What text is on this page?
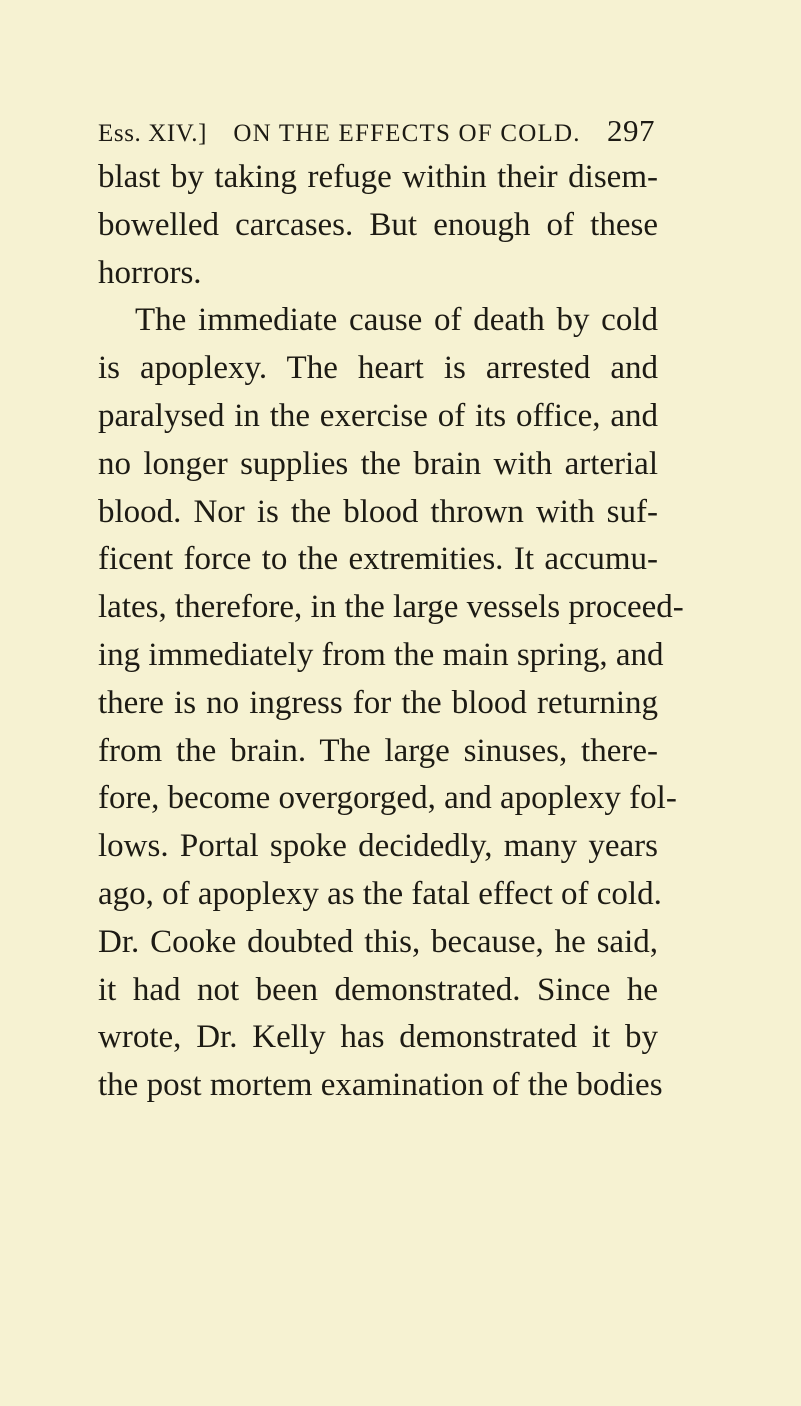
Ess. XIV.] ON THE EFFECTS OF COLD. 297
blast by taking refuge within their disem-
bowelled carcases. But enough of these
horrors.
The immediate cause of death by cold
is apoplexy. The heart is arrested and
paralysed in the exercise of its office, and
no longer supplies the brain with arterial
blood. Nor is the blood thrown with suf-
ficent force to the extremities. It accumu-
lates, therefore, in the large vessels proceed-
ing immediately from the main spring, and
there is no ingress for the blood returning
from the brain. The large sinuses, there-
fore, become overgorged, and apoplexy fol-
lows. Portal spoke decidedly, many years
ago, of apoplexy as the fatal effect of cold.
Dr. Cooke doubted this, because, he said,
it had not been demonstrated. Since he
wrote, Dr. Kelly has demonstrated it by
the post mortem examination of the bodies
